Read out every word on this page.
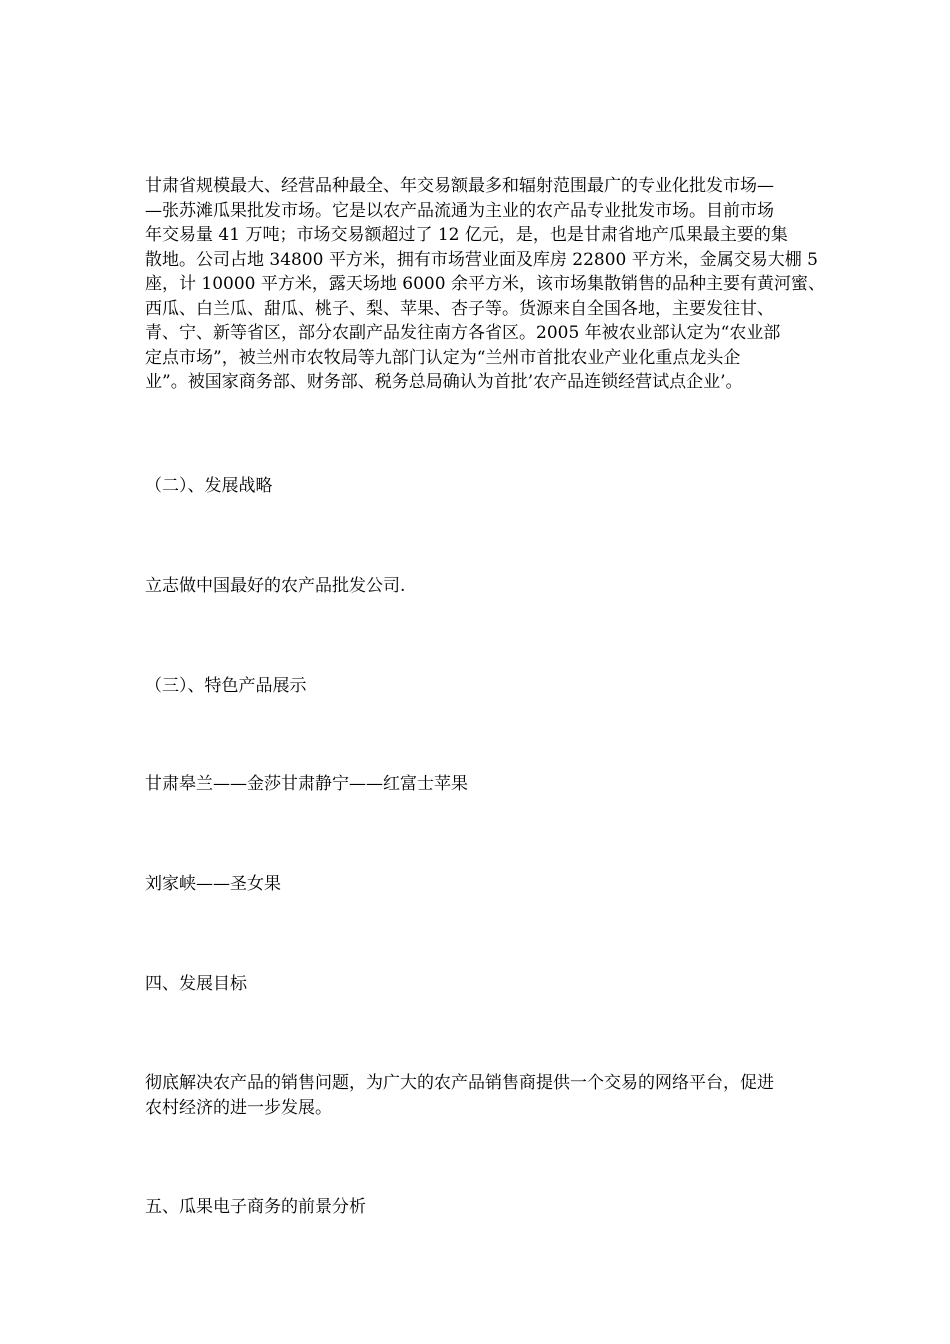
甘肃省规模最大、经营品种最全、年交易额最多和辐射范围最广的专业化批发市场—
—张苏滩瓜果批发市场。它是以农产品流通为主业的农产品专业批发市场。目前市场
年交易量 41 万吨；市场交易额超过了 12 亿元，是，也是甘肃省地产瓜果最主要的集
散地。公司占地 34800 平方米，拥有市场营业面及库房 22800 平方米，金属交易大棚 5
座，计 10000 平方米，露天场地 6000 余平方米，该市场集散销售的品种主要有黄河蜜、
西瓜、白兰瓜、甜瓜、桃子、梨、苹果、杏子等。货源来自全国各地，主要发往甘、
青、宁、新等省区，部分农副产品发往南方各省区。2005 年被农业部认定为“农业部
定点市场”，被兰州市农牧局等九部门认定为“兰州市首批农业产业化重点龙头企
业”。被国家商务部、财务部、税务总局确认为首批’农产品连锁经营试点企业’。
（二）、发展战略
立志做中国最好的农产品批发公司.
（三）、特色产品展示
甘肃皋兰——金莎甘肃静宁——红富士苹果
刘家峡——圣女果
四、发展目标
彻底解决农产品的销售问题，为广大的农产品销售商提供一个交易的网络平台，促进
农村经济的进一步发展。
五、瓜果电子商务的前景分析
